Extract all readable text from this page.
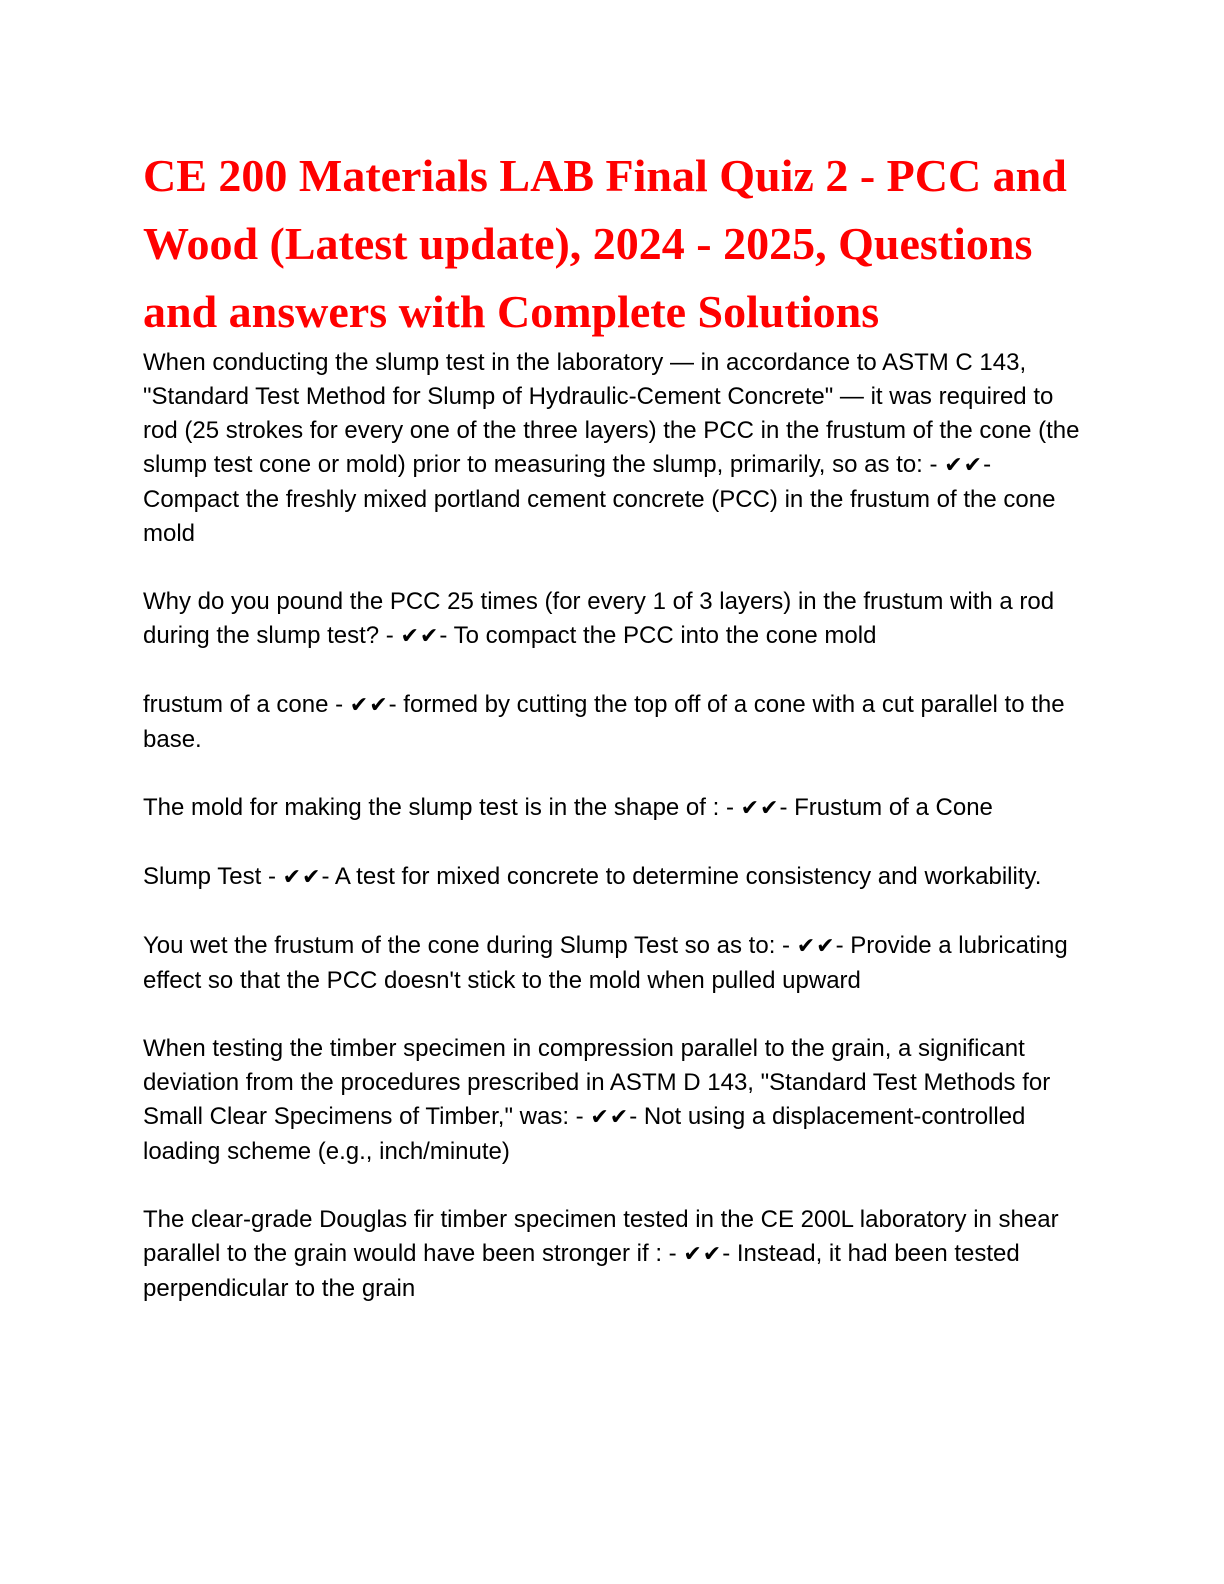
CE 200 Materials LAB Final Quiz 2 - PCC and Wood (Latest update), 2024 - 2025, Questions and answers with Complete Solutions

When conducting the slump test in the laboratory — in accordance to ASTM C 143, "Standard Test Method for Slump of Hydraulic-Cement Concrete" — it was required to rod (25 strokes for every one of the three layers) the PCC in the frustum of the cone (the slump test cone or mold) prior to measuring the slump, primarily, so as to: - ✔✔- Compact the freshly mixed portland cement concrete (PCC) in the frustum of the cone mold

Why do you pound the PCC 25 times (for every 1 of 3 layers) in the frustum with a rod during the slump test? - ✔✔- To compact the PCC into the cone mold

frustum of a cone - ✔✔- formed by cutting the top off of a cone with a cut parallel to the base.

The mold for making the slump test is in the shape of : - ✔✔- Frustum of a Cone

Slump Test - ✔✔- A test for mixed concrete to determine consistency and workability.

You wet the frustum of the cone during Slump Test so as to: - ✔✔- Provide a lubricating effect so that the PCC doesn't stick to the mold when pulled upward

When testing the timber specimen in compression parallel to the grain, a significant deviation from the procedures prescribed in ASTM D 143, "Standard Test Methods for Small Clear Specimens of Timber," was: - ✔✔- Not using a displacement-controlled loading scheme (e.g., inch/minute)

The clear-grade Douglas fir timber specimen tested in the CE 200L laboratory in shear parallel to the grain would have been stronger if : - ✔✔- Instead, it had been tested perpendicular to the grain
